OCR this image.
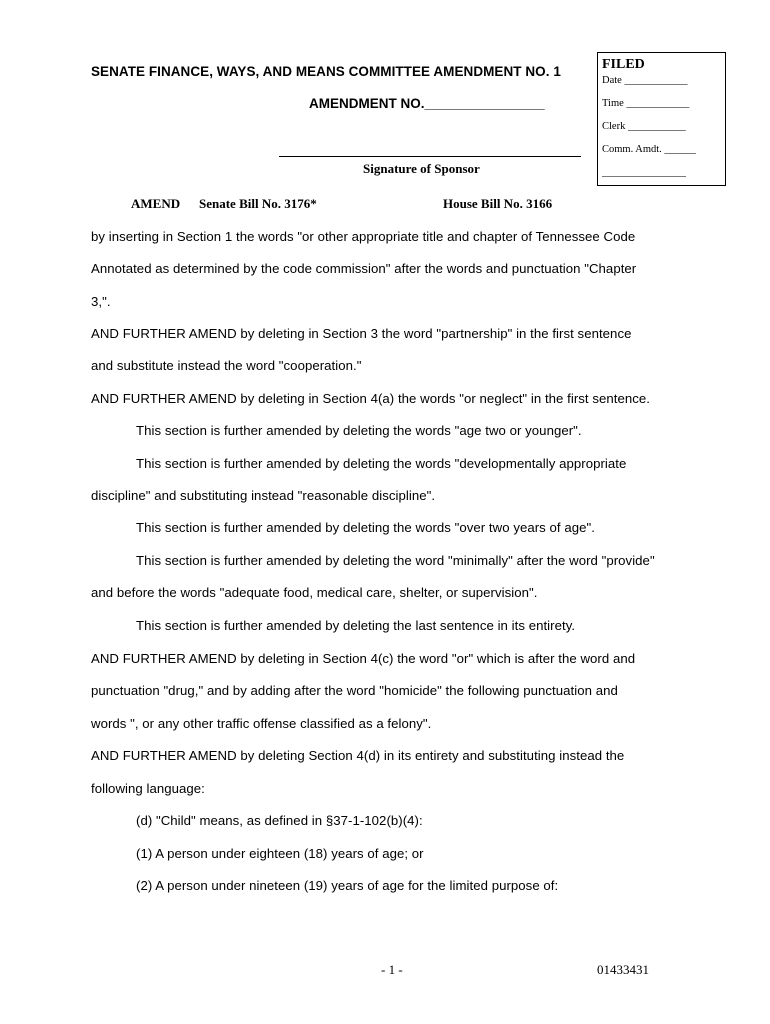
SENATE FINANCE, WAYS, AND MEANS COMMITTEE AMENDMENT NO. 1
AMENDMENT NO.________________
FILED
Date ____________
Time ____________
Clerk ___________
Comm. Amdt. ______
________________
Signature of Sponsor
AMEND Senate Bill No. 3176*	House Bill No. 3166
by inserting in Section 1 the words "or other appropriate title and chapter of Tennessee Code
Annotated as determined by the code commission" after the words and punctuation "Chapter
3,".
AND FURTHER AMEND by deleting in Section 3 the word "partnership" in the first sentence
and substitute instead the word "cooperation."
AND FURTHER AMEND by deleting in Section 4(a) the words "or neglect" in the first sentence.
This section is further amended by deleting the words "age two or younger".
This section is further amended by deleting the words "developmentally appropriate
discipline" and substituting instead "reasonable discipline".
This section is further amended by deleting the words "over two years of age".
This section is further amended by deleting the word "minimally" after the word "provide"
and before the words "adequate food, medical care, shelter, or supervision".
This section is further amended by deleting the last sentence in its entirety.
AND FURTHER AMEND by deleting in Section 4(c) the word "or" which is after the word and
punctuation "drug," and by adding after the word "homicide" the following punctuation and
words ", or any other traffic offense classified as a felony".
AND FURTHER AMEND by deleting Section 4(d) in its entirety and substituting instead the
following language:
(d) "Child" means, as defined in §37-1-102(b)(4):
(1) A person under eighteen (18) years of age; or
(2) A person under nineteen (19) years of age for the limited purpose of:
- 1 -	01433431
